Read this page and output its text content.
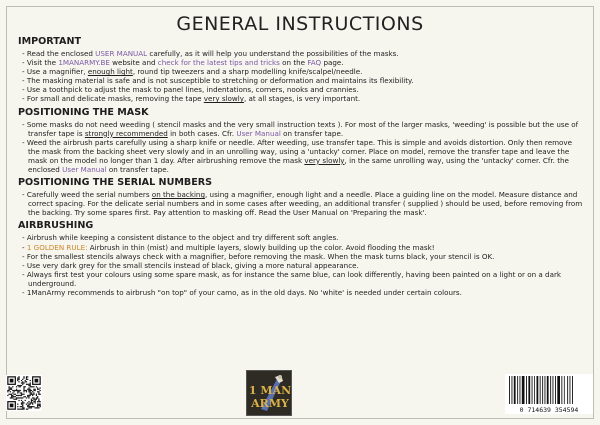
GENERAL INSTRUCTIONS
IMPORTANT

- Read the enclosed USER MANUAL carefully, as it will help you understand the possibilities of the masks.

- Visit the 1MANARMY.BE website and check for the latest tips and tricks on the FAQ page.

- Use a magnifier, enough light, round tip tweezers and a sharp modelling knife/scalpel/needle.

- The masking material is safe and is not susceptible to stretching or deformation and maintains its flexibility.

- Use a toothpick to adjust the mask to panel lines, indentations, corners, nooks and crannies.

- For small and delicate masks, removing the tape very slowly, at all stages, is very important.

POSITIONING THE MASK

- Some masks do not need weeding ( stencil masks and the very small instruction texts ). For most of the larger masks, 'weeding' is possible but the use of transfer tape is strongly recommended in both cases. Cfr. User Manual on transfer tape.

- Weed the airbrush parts carefully using a sharp knife or needle. After weeding, use transfer tape. This is simple and avoids distortion. Only then remove the mask from the backing sheet very slowly and in an unrolling way, using a 'untacky' corner. Place on model, remove the transfer tape and leave the mask on the model no longer than 1 day. After airbrushing remove the mask very slowly, in the same unrolling way, using the 'untacky' corner. Cfr. the enclosed User Manual on transfer tape.

POSITIONING THE SERIAL NUMBERS

- Carefully weed the serial numbers on the backing, using a magnifier, enough light and a needle. Place a guiding line on the model. Measure distance and correct spacing. For the delicate serial numbers and in some cases after weeding, an additional transfer ( supplied ) should be used, before removing from the backing. Try some spares first. Pay attention to masking off. Read the User Manual on 'Preparing the mask'.

AIRBRUSHING

- Airbrush while keeping a consistent distance to the object and try different soft angles.

- 1 GOLDEN RULE: Airbrush in thin (mist) and multiple layers, slowly building up the color. Avoid flooding the mask!

- For the smallest stencils always check with a magnifier, before removing the mask. When the mask turns black, your stencil is OK.

- Use very dark grey for the small stencils instead of black, giving a more natural appearance.

- Always first test your colours using some spare mask, as for instance the same blue, can look differently, having been painted on a light or on a dark underground.

- 1ManArmy recommends to airbrush "on top" of your camo, as in the old days. No 'white' is needed under certain colours.

1 MAN
ARMY	0 714639 354594
